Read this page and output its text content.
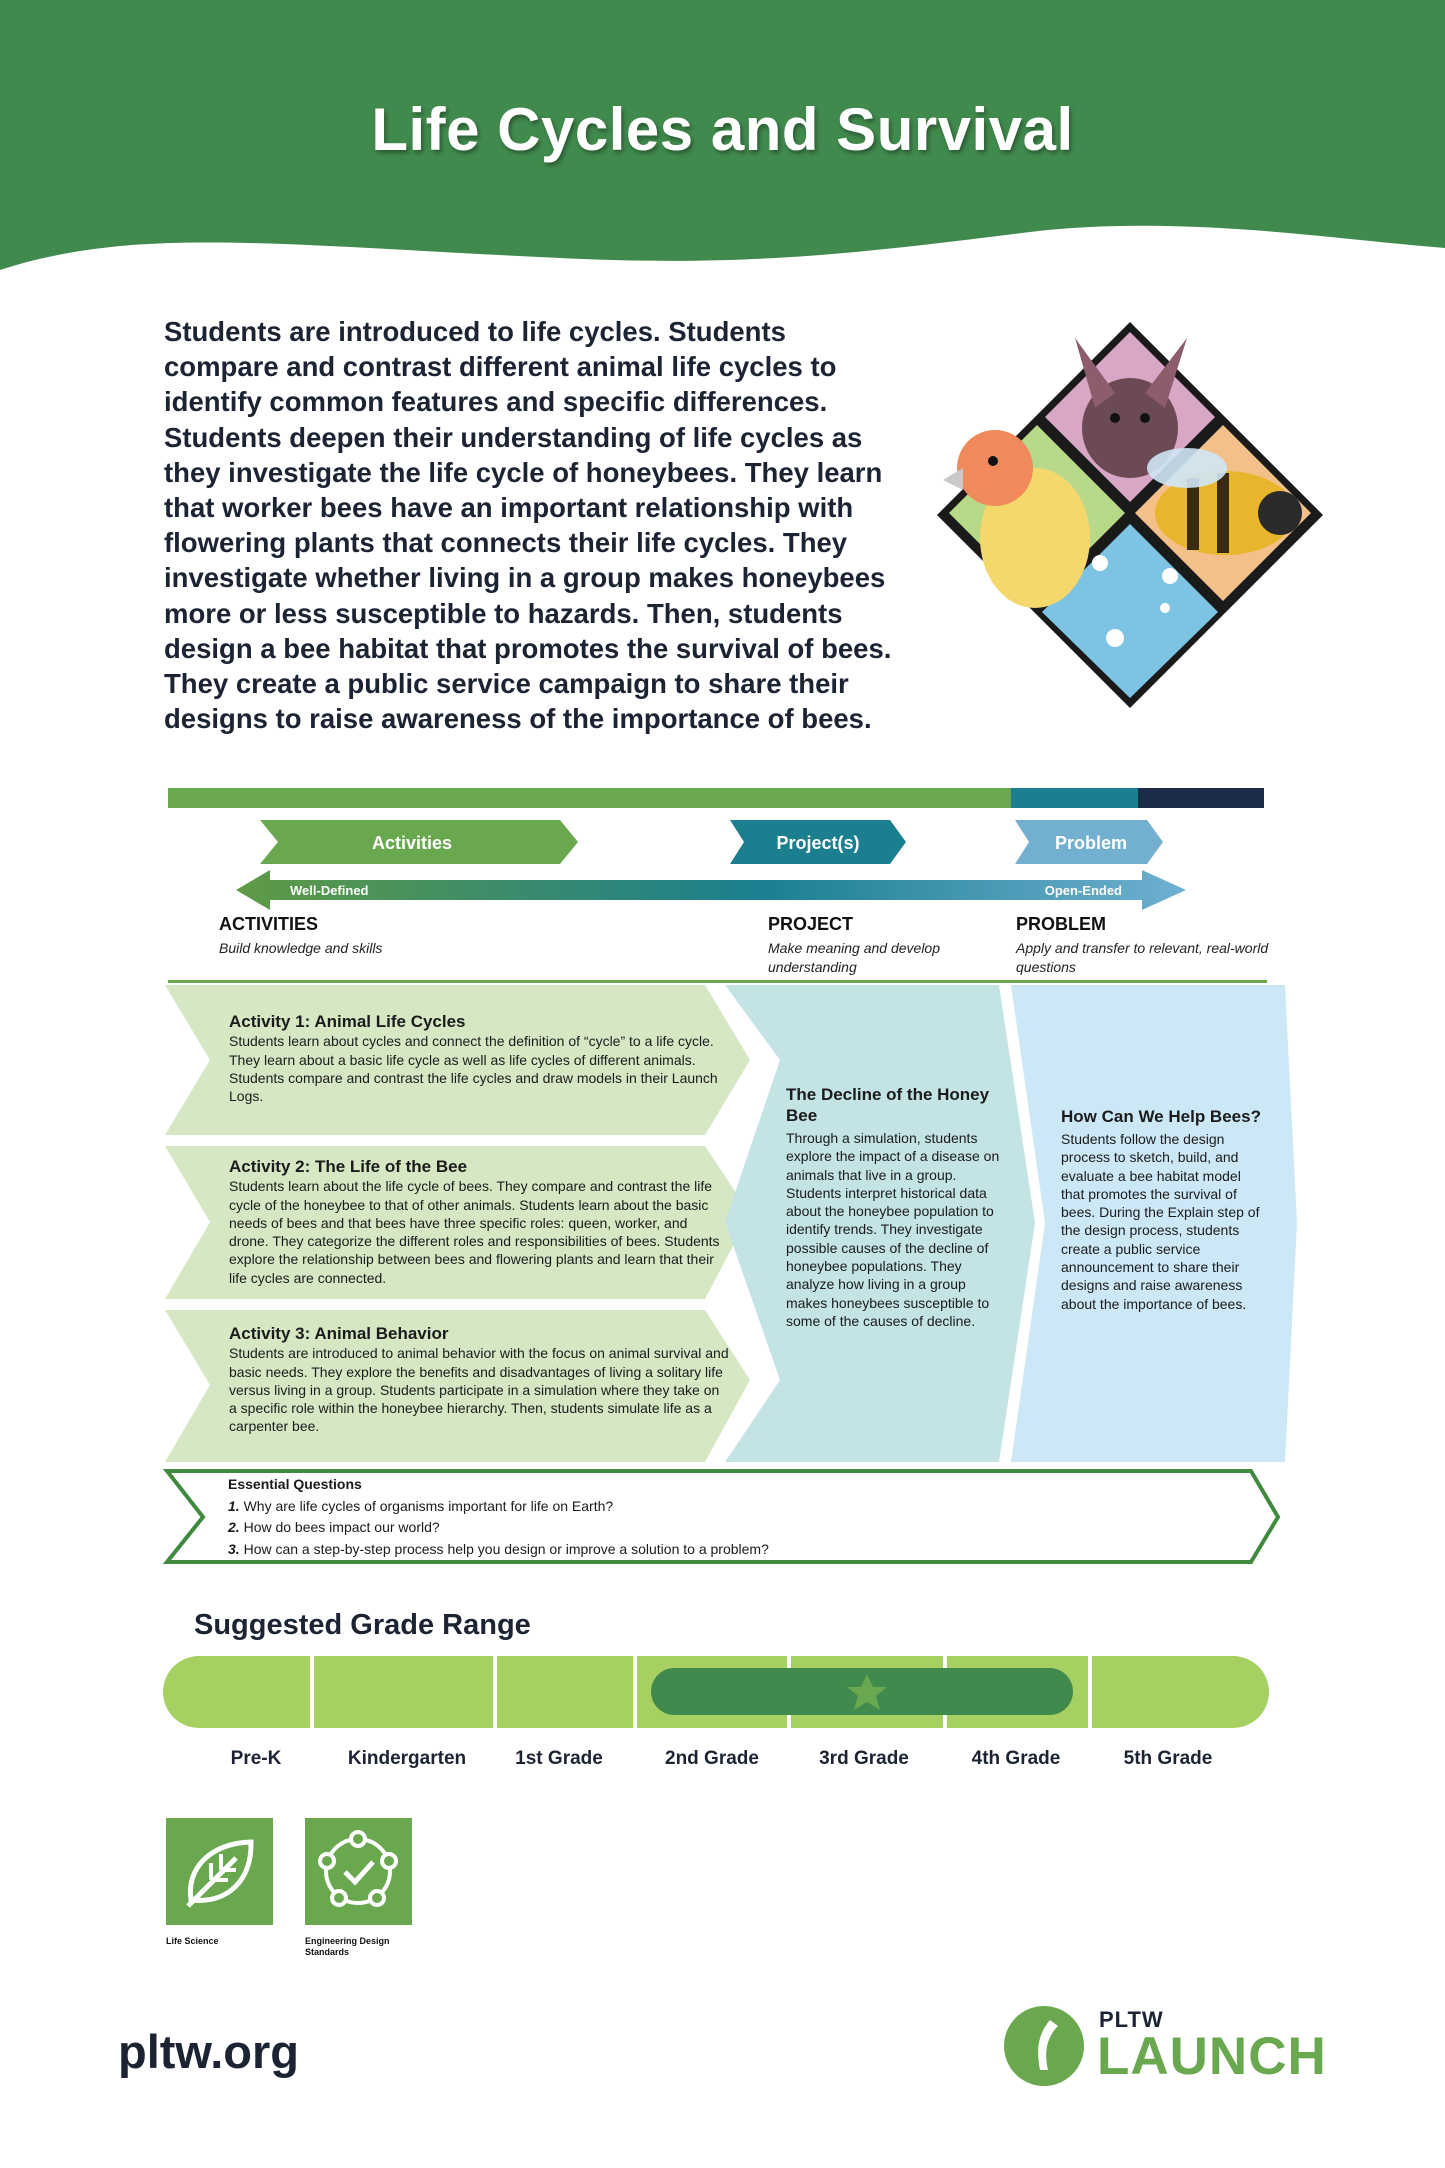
Life Cycles and Survival
Students are introduced to life cycles. Students compare and contrast different animal life cycles to identify common features and specific differences. Students deepen their understanding of life cycles as they investigate the life cycle of honeybees. They learn that worker bees have an important relationship with flowering plants that connects their life cycles. They investigate whether living in a group makes honeybees more or less susceptible to hazards. Then, students design a bee habitat that promotes the survival of bees. They create a public service campaign to share their designs to raise awareness of the importance of bees.
Activities	Project(s)	Problem
Well-Defined	Open-Ended
ACTIVITIES
Build knowledge and skills
PROJECT
Make meaning and develop understanding
PROBLEM
Apply and transfer to relevant, real-world questions
Activity 1: Animal Life Cycles

Students learn about cycles and connect the definition of “cycle” to a life cycle. They learn about a basic life cycle as well as life cycles of different animals. Students compare and contrast the life cycles and draw models in their Launch Logs.

Activity 2: The Life of the Bee

Students learn about the life cycle of bees. They compare and contrast the life cycle of the honeybee to that of other animals. Students learn about the basic needs of bees and that bees have three specific roles: queen, worker, and drone. They categorize the different roles and responsibilities of bees. Students explore the relationship between bees and flowering plants and learn that their life cycles are connected.

Activity 3: Animal Behavior

Students are introduced to animal behavior with the focus on animal survival and basic needs. They explore the benefits and disadvantages of living a solitary life versus living in a group. Students participate in a simulation where they take on a specific role within the honeybee hierarchy. Then, students simulate life as a carpenter bee.

The Decline of the Honey Bee

Through a simulation, students explore the impact of a disease on animals that live in a group. Students interpret historical data about the honeybee population to identify trends. They investigate possible causes of the decline of honeybee populations. They analyze how living in a group makes honeybees susceptible to some of the causes of decline.

How Can We Help Bees?

Students follow the design process to sketch, build, and evaluate a bee habitat model that promotes the survival of bees. During the Explain step of the design process, students create a public service announcement to share their designs and raise awareness about the importance of bees.

Essential Questions
1. Why are life cycles of organisms important for life on Earth?
2. How do bees impact our world?
3. How can a step-by-step process help you design or improve a solution to a problem?
Suggested Grade Range
Pre-K	Kindergarten	1st Grade	2nd Grade	3rd Grade	4th Grade	5th Grade
Life Science	Engineering Design Standards
pltw.org
PLTW
LAUNCH
